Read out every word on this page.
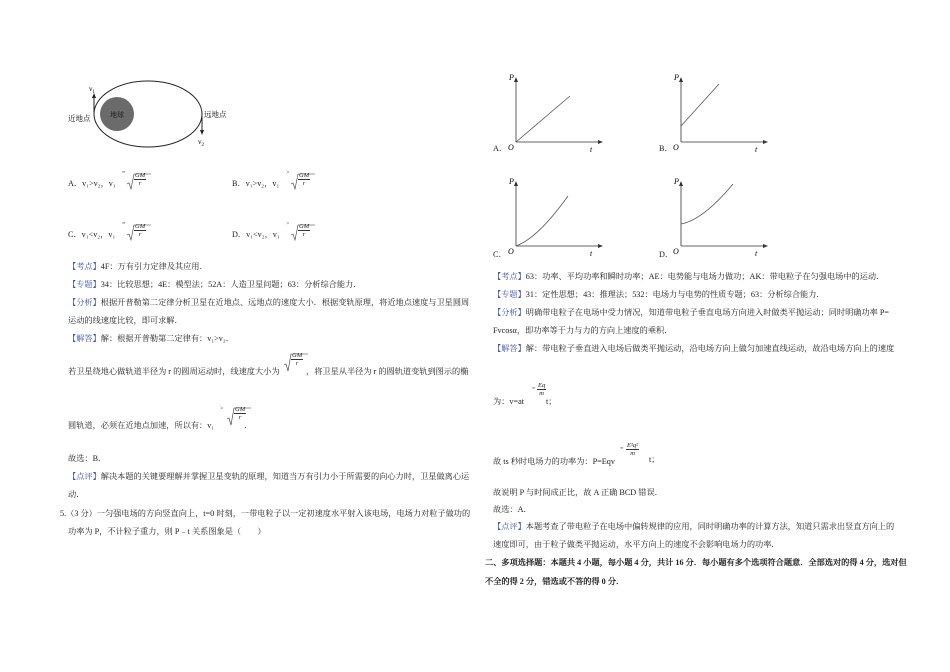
地球
$v_1$
近地点	远地点
$v_2$
A．v₁>v₂，v₁
= $\frac{GM}{r}$	B．v₁>v₂，v₁
> $\frac{GM}{r}$
C．v₁<v₂，v₁
= $\frac{GM}{r}$	D．v₁<v₂，v₁
> $\frac{GM}{r}$
【考点】4F：万有引力定律及其应用．
【专题】34：比较思想；4E：模型法；52A：人造卫星问题；63：分析综合能力．
【分析】根据开普勒第二定律分析卫星在近地点、远地点的速度大小．根据变轨原理，将近地点速度与卫星圆周
运动的线速度比较，即可求解．
【解答】解：根据开普勒第二定律有：v₁>v₂．
若卫星绕地心做轨道半径为 r 的圆周运动时，线速度大小为
$\frac{GM}{r}$
，将卫星从半径为 r 的圆轨道变轨到图示的椭
圆轨道，必须在近地点加速，所以有：v₁
> $\frac{GM}{r}$
．
故选：B．
【点评】解决本题的关键要理解并掌握卫星变轨的原理，知道当万有引力小于所需要的向心力时，卫星做离心运
动．
5.（3 分）一匀强电场的方向竖直向上，t=0 时刻，一带电粒子以一定初速度水平射入该电场，电场力对粒子做功的
功率为 P，不计粒子重力，则 P﹣t 关系图象是（　　）
P
O	t
A．
P
O	t
B．
P
O	t
C．
P
O	t
D．
【考点】63：功率、平均功率和瞬时功率；AE：电势能与电场力做功；AK：带电粒子在匀强电场中的运动．
【专题】31：定性思想；43：推理法；532：电场力与电势的性质专题；63：分析综合能力．
【分析】明确带电粒子在电场中受力情况，知道带电粒子垂直电场方向进入时做类平抛运动；同时明确功率 P=
Fvcosα，即功率等于力与力的方向上速度的乘积．
【解答】解：带电粒子垂直进入电场后做类平抛运动，沿电场方向上做匀加速直线运动，故沿电场方向上的速度
为：v=at
= $\frac{Eq}{m}$
t；
故 ts 秒时电场力的功率为：P=Eqv
= $\frac{\text{E²q²}}{m}$
t；
故说明 P 与时间成正比，故 A 正确 BCD 错误．
故选：A．
【点评】本题考查了带电粒子在电场中偏转规律的应用，同时明确功率的计算方法，知道只需求出竖直方向上的
速度即可，由于粒子做类平抛运动，水平方向上的速度不会影响电场力的功率．
二、多项选择题：本题共 4 小题，每小题 4 分，共计 16 分．每小题有多个选项符合题意．全部选对的得 4 分，选对但
不全的得 2 分，错选或不答的得 0 分．
